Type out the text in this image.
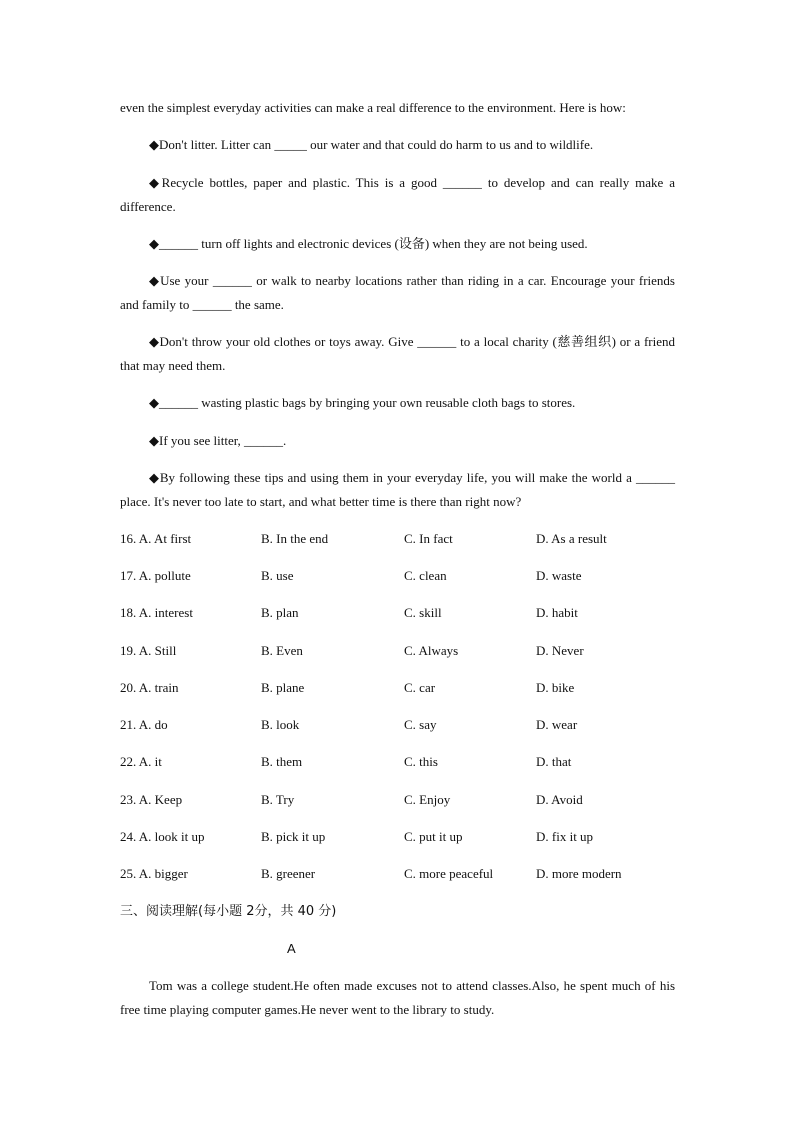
even the simplest everyday activities can make a real difference to the environment. Here is how:

◆Don't litter. Litter can _____ our water and that could do harm to us and to wildlife.

◆Recycle bottles, paper and plastic. This is a good ______ to develop and can really make a difference.

◆______ turn off lights and electronic devices (设备) when they are not being used.

◆Use your ______ or walk to nearby locations rather than riding in a car. Encourage your friends and family to ______ the same.

◆Don't throw your old clothes or toys away. Give ______ to a local charity (慈善组织) or a friend that may need them.

◆______ wasting plastic bags by bringing your own reusable cloth bags to stores.

◆If you see litter, ______.

◆By following these tips and using them in your everyday life, you will make the world a ______ place. It's never too late to start, and what better time is there than right now?

16. A. At first	B. In the end	C. In fact	D. As a result
17. A. pollute	B. use	C. clean	D. waste
18. A. interest	B. plan	C. skill	D. habit
19. A. Still	B. Even	C. Always	D. Never
20. A. train	B. plane	C. car	D. bike
21. A. do	B. look	C. say	D. wear
22. A. it	B. them	C. this	D. that
23. A. Keep	B. Try	C. Enjoy	D. Avoid
24. A. look it up	B. pick it up	C. put it up	D. fix it up
25. A. bigger	B. greener	C. more peaceful	D. more modern
三、阅读理解(每小题 2分，共 40 分)
A

Tom was a college student.He often made excuses not to attend classes.Also, he spent much of his free time playing computer games.He never went to the library to study.
